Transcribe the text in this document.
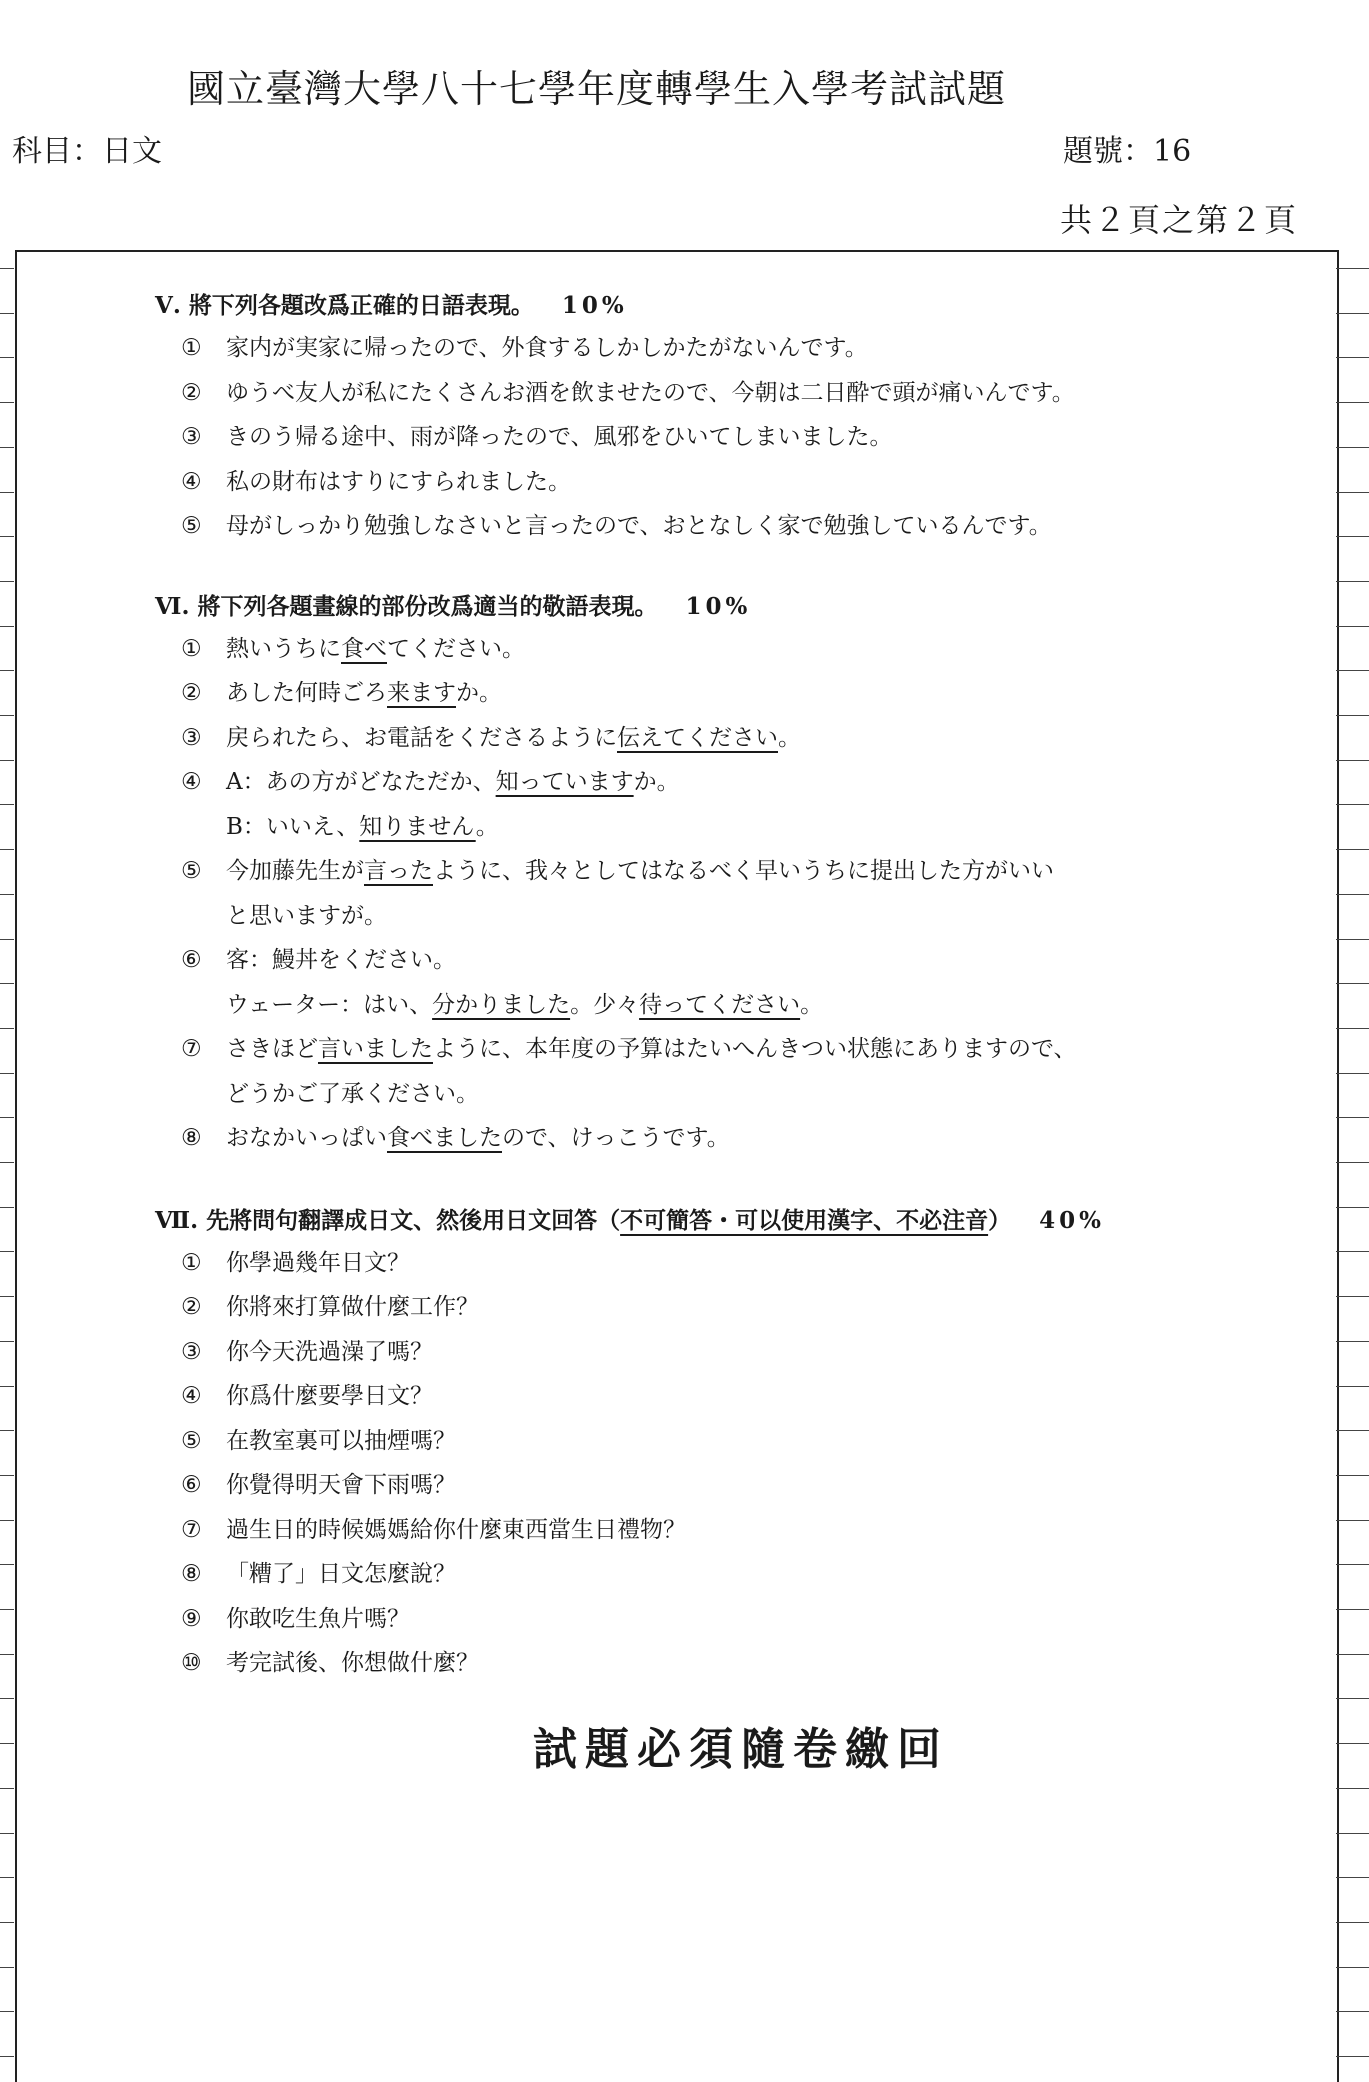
國立臺灣大學八十七學年度轉學生入學考試試題
科目：日文	題號：16
共２頁之第２頁
Ⅴ. 將下列各題改爲正確的日語表現。 10%
①	家内が実家に帰ったので、外食するしかしかたがないんです。
②	ゆうべ友人が私にたくさんお酒を飲ませたので、今朝は二日酔で頭が痛いんです。
③	きのう帰る途中、雨が降ったので、風邪をひいてしまいました。
④	私の財布はすりにすられました。
⑤	母がしっかり勉強しなさいと言ったので、おとなしく家で勉強しているんです。
Ⅵ. 將下列各題畫線的部份改爲適当的敬語表現。 10%
①	熱いうちに食べてください。
②	あした何時ごろ来ますか。
③	戻られたら、お電話をくださるように伝えてください。
④	A：あの方がどなただか、知っていますか。
B：いいえ、知りません。
⑤	今加藤先生が言ったように、我々としてはなるべく早いうちに提出した方がいい
と思いますが。
⑥	客：鰻丼をください。
ウェーター：はい、分かりました。少々待ってください。
⑦	さきほど言いましたように、本年度の予算はたいへんきつい状態にありますので、
どうかご了承ください。
⑧	おなかいっぱい食べましたので、けっこうです。
Ⅶ. 先將問句翻譯成日文、然後用日文回答（不可簡答・可以使用漢字、不必注音） 40%
①	你學過幾年日文？
②	你將來打算做什麼工作？
③	你今天洗過澡了嗎？
④	你爲什麼要學日文？
⑤	在教室裏可以抽煙嗎？
⑥	你覺得明天會下雨嗎？
⑦	過生日的時候媽媽給你什麼東西當生日禮物？
⑧	「糟了」日文怎麼說？
⑨	你敢吃生魚片嗎？
⑩	考完試後、你想做什麼？
試題必須隨卷繳回
